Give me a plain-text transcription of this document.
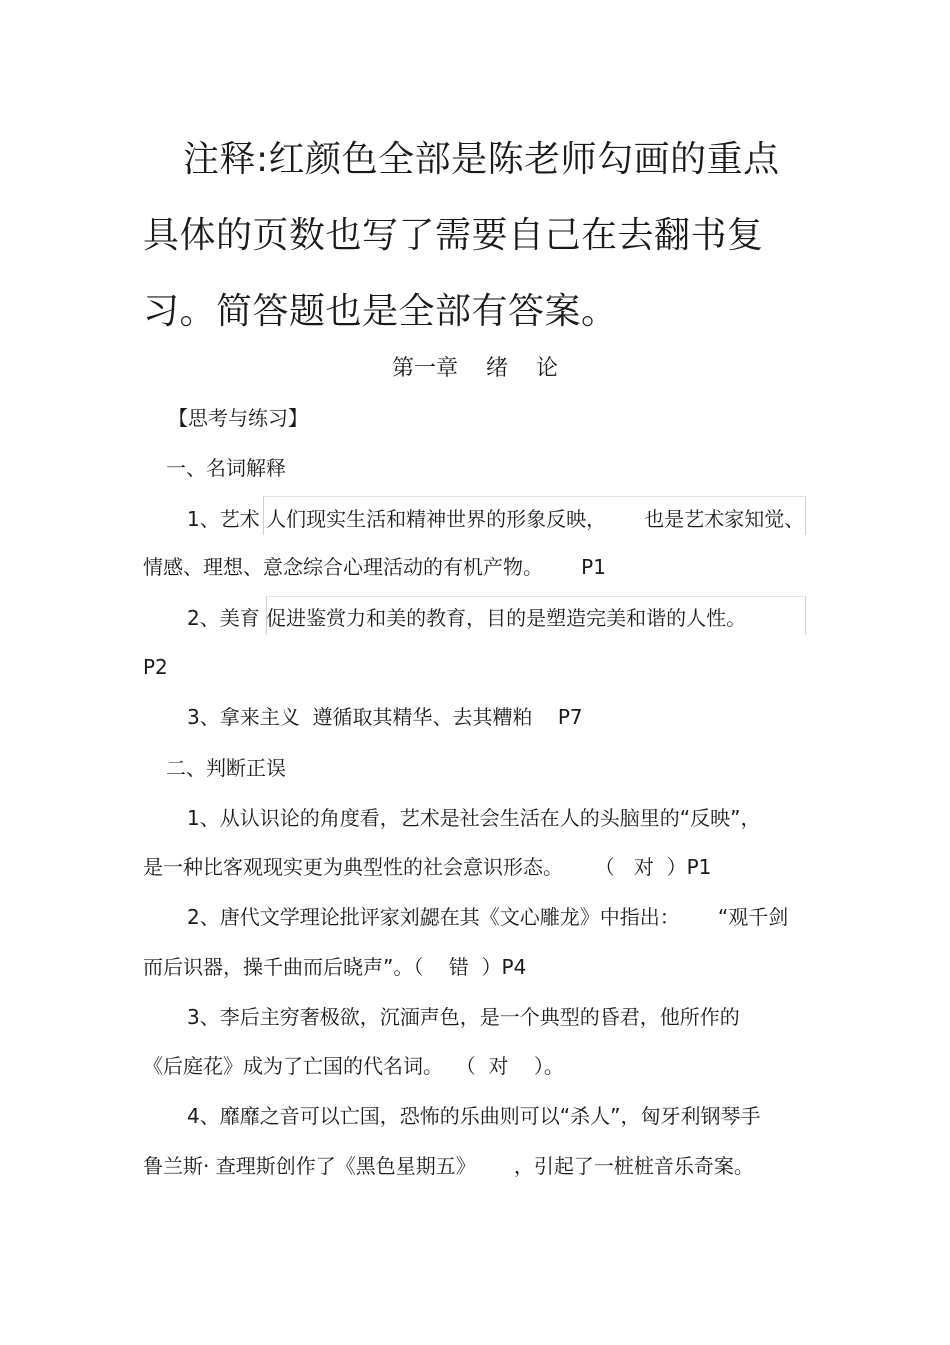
注释:红颜色全部是陈老师勾画的重点
具体的页数也写了需要自己在去翻书复
习。简答题也是全部有答案。
第一章    绪    论
【思考与练习】
一、名词解释
1、艺术 人们现实生活和精神世界的形象反映，      也是艺术家知觉、
情感、理想、意念综合心理活动的有机产物。      P1
2、美育 促进鉴赏力和美的教育，目的是塑造完美和谐的人性。
P2
3、拿来主义  遵循取其精华、去其糟粕    P7
二、判断正误
1、从认识论的角度看，艺术是社会生活在人的头脑里的“反映”，
是一种比客观现实更为典型性的社会意识形态。     （   对  ）P1
2、唐代文学理论批评家刘勰在其《文心雕龙》中指出：      “观千剑
而后识器，操千曲而后晓声”。（    错  ）P4
3、李后主穷奢极欲，沉湎声色，是一个典型的昏君，他所作的
《后庭花》成为了亡国的代名词。  （  对    ）。
4、靡靡之音可以亡国，恐怖的乐曲则可以“杀人”，匈牙利钢琴手
鲁兰斯· 查理斯创作了《黑色星期五》      ，引起了一桩桩音乐奇案。
